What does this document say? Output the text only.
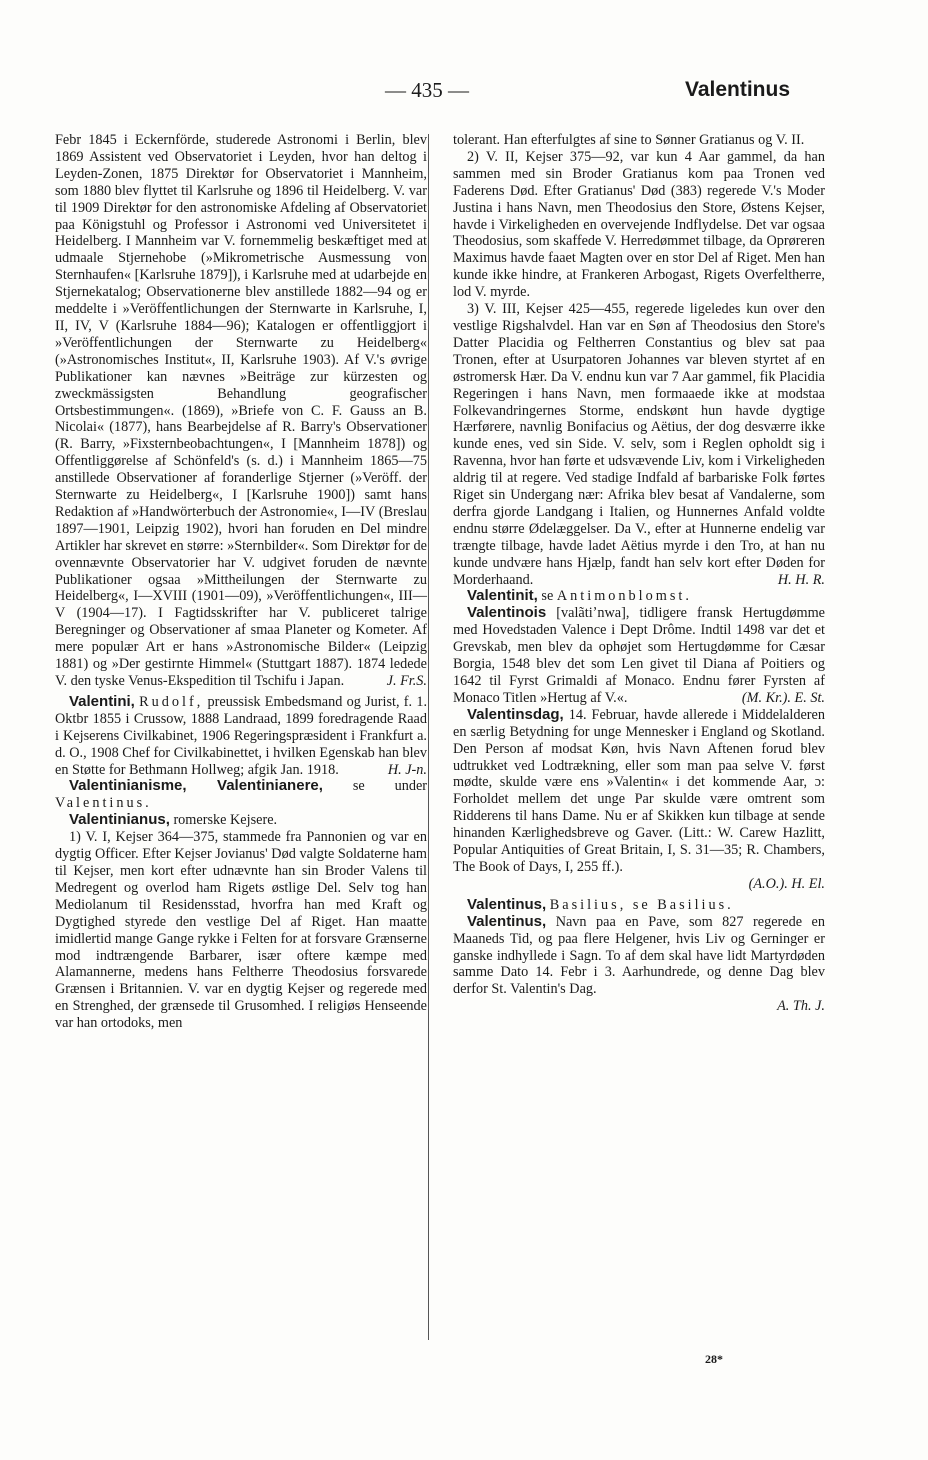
— 435 —	Valentinus

Febr 1845 i Eckernförde, studerede Astronomi i Berlin, blev 1869 Assistent ved Observatoriet i Leyden, hvor han deltog i Leyden-Zonen, 1875 Direktør for Observatoriet i Mannheim, som 1880 blev flyttet til Karlsruhe og 1896 til Heidelberg. V. var til 1909 Direktør for den astronomiske Afdeling af Observatoriet paa Königstuhl og Professor i Astronomi ved Universitetet i Heidelberg. I Mannheim var V. fornemmelig beskæftiget med at udmaale Stjernehobe (»Mikrometrische Ausmessung von Sternhaufen« [Karlsruhe 1879]), i Karlsruhe med at udarbejde en Stjernekatalog; Observationerne blev anstillede 1882—94 og er meddelte i »Veröffentlichungen der Sternwarte in Karlsruhe, I, II, IV, V (Karlsruhe 1884—96); Katalogen er offentliggjort i »Veröffentlichungen der Sternwarte zu Heidelberg« (»Astronomisches Institut«, II, Karlsruhe 1903). Af V.'s øvrige Publikationer kan nævnes »Beiträge zur kürzesten og zweckmässigsten Behandlung geografischer Ortsbestimmungen«. (1869), »Briefe von C. F. Gauss an B. Nicolai« (1877), hans Bearbejdelse af R. Barry's Observationer (R. Barry, »Fixsternbeobachtungen«, I [Mannheim 1878]) og Offentliggørelse af Schönfeld's (s. d.) i Mannheim 1865—75 anstillede Observationer af foranderlige Stjerner (»Veröff. der Sternwarte zu Heidelberg«, I [Karlsruhe 1900]) samt hans Redaktion af »Handwörterbuch der Astronomie«, I—IV (Breslau 1897—1901, Leipzig 1902), hvori han foruden en Del mindre Artikler har skrevet en større: »Sternbilder«. Som Direktør for de ovennævnte Observatorier har V. udgivet foruden de nævnte Publikationer ogsaa »Mittheilungen der Sternwarte zu Heidelberg«, I—XVIII (1901—09), »Veröffentlichungen«, III—V (1904—17). I Fagtidsskrifter har V. publiceret talrige Beregninger og Observationer af smaa Planeter og Kometer. Af mere populær Art er hans »Astronomische Bilder« (Leipzig 1881) og »Der gestirnte Himmel« (Stuttgart 1887). 1874 ledede V. den tyske Venus-Ekspedition til Tschifu i Japan.	J. Fr.S.

Valentini, Rudolf, preussisk Embedsmand og Jurist, f. 1. Oktbr 1855 i Crussow, 1888 Landraad, 1899 foredragende Raad i Kejserens Civilkabinet, 1906 Regeringspræsident i Frankfurt a. d. O., 1908 Chef for Civilkabinettet, i hvilken Egenskab han blev en Støtte for Bethmann Hollweg; afgik Jan. 1918.	H. J-n.

Valentinianisme, Valentinianere, se under Valentinus.

Valentinianus, romerske Kejsere.

1) V. I, Kejser 364—375, stammede fra Pannonien og var en dygtig Officer. Efter Kejser Jovianus' Død valgte Soldaterne ham til Kejser, men kort efter udnævnte han sin Broder Valens til Medregent og overlod ham Rigets østlige Del. Selv tog han Mediolanum til Residensstad, hvorfra han med Kraft og Dygtighed styrede den vestlige Del af Riget. Han maatte imidlertid mange Gange rykke i Felten for at forsvare Grænserne mod indtrængende Barbarer, især oftere kæmpe med Alamannerne, medens hans Feltherre Theodosius forsvarede Grænsen i Britannien. V. var en dygtig Kejser og regerede med en Strenghed, der grænsede til Grusomhed. I religiøs Henseende var han ortodoks, men

tolerant. Han efterfulgtes af sine to Sønner Gratianus og V. II.

2) V. II, Kejser 375—92, var kun 4 Aar gammel, da han sammen med sin Broder Gratianus kom paa Tronen ved Faderens Død. Efter Gratianus' Død (383) regerede V.'s Moder Justina i hans Navn, men Theodosius den Store, Østens Kejser, havde i Virkeligheden en overvejende Indflydelse. Det var ogsaa Theodosius, som skaffede V. Herredømmet tilbage, da Oprøreren Maximus havde faaet Magten over en stor Del af Riget. Men han kunde ikke hindre, at Frankeren Arbogast, Rigets Overfeltherre, lod V. myrde.

3) V. III, Kejser 425—455, regerede ligeledes kun over den vestlige Rigshalvdel. Han var en Søn af Theodosius den Store's Datter Placidia og Feltherren Constantius og blev sat paa Tronen, efter at Usurpatoren Johannes var bleven styrtet af en østromersk Hær. Da V. endnu kun var 7 Aar gammel, fik Placidia Regeringen i hans Navn, men formaaede ikke at modstaa Folkevandringernes Storme, endskønt hun havde dygtige Hærførere, navnlig Bonifacius og Aëtius, der dog desværre ikke kunde enes, ved sin Side. V. selv, som i Reglen opholdt sig i Ravenna, hvor han førte et udsvævende Liv, kom i Virkeligheden aldrig til at regere. Ved stadige Indfald af barbariske Folk førtes Riget sin Undergang nær: Afrika blev besat af Vandalerne, som derfra gjorde Landgang i Italien, og Hunnernes Anfald voldte endnu større Ødelæggelser. Da V., efter at Hunnerne endelig var trængte tilbage, havde ladet Aëtius myrde i den Tro, at han nu kunde undvære hans Hjælp, fandt han selv kort efter Døden for Morderhaand.	H. H. R.

Valentinit, se Antimonblomst.

Valentinois [valãtiʼnwa], tidligere fransk Hertugdømme med Hovedstaden Valence i Dept Drôme. Indtil 1498 var det et Grevskab, men blev da ophøjet som Hertugdømme for Cæsar Borgia, 1548 blev det som Len givet til Diana af Poitiers og 1642 til Fyrst Grimaldi af Monaco. Endnu fører Fyrsten af Monaco Titlen »Hertug af V.«.	(M. Kr.). E. St.

Valentinsdag, 14. Februar, havde allerede i Middelalderen en særlig Betydning for unge Mennesker i England og Skotland. Den Person af modsat Køn, hvis Navn Aftenen forud blev udtrukket ved Lodtrækning, eller som man paa selve V. først mødte, skulde være ens »Valentin« i det kommende Aar, ɔ: Forholdet mellem det unge Par skulde være omtrent som Ridderens til hans Dame. Nu er af Skikken kun tilbage at sende hinanden Kærlighedsbreve og Gaver. (Litt.: W. Carew Hazlitt, Popular Antiquities of Great Britain, I, S. 31—35; R. Chambers, The Book of Days, I, 255 ff.).
(A.O.). H. El.

Valentinus, Basilius, se Basilius.

Valentinus, Navn paa en Pave, som 827 regerede en Maaneds Tid, og paa flere Helgener, hvis Liv og Gerninger er ganske indhyllede i Sagn. To af dem skal have lidt Martyrdøden samme Dato 14. Febr i 3. Aarhundrede, og denne Dag blev derfor St. Valentin's Dag.
A. Th. J.

28*
